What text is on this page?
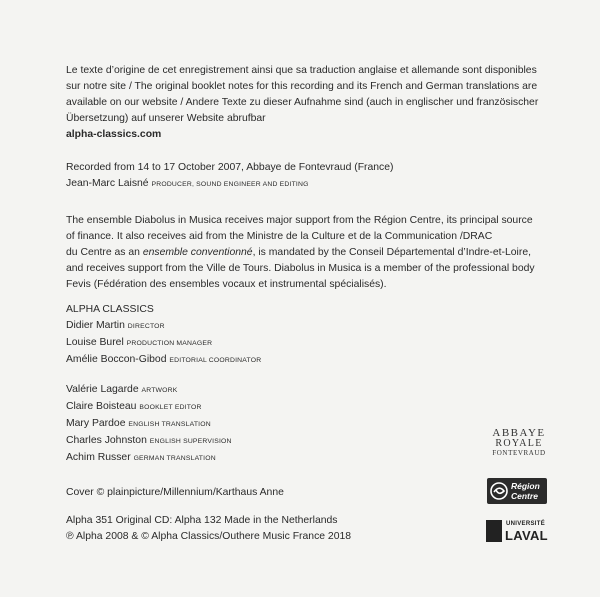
Le texte d’origine de cet enregistrement ainsi que sa traduction anglaise et allemande sont disponibles
sur notre site / The original booklet notes for this recording and its French and German translations are
available on our website / Andere Texte zu dieser Aufnahme sind (auch in englischer und französischer
Übersetzung) auf unserer Website abrufbar
alpha-classics.com
Recorded from 14 to 17 October 2007, Abbaye de Fontevraud (France)
Jean-Marc Laisné PRODUCER, SOUND ENGINEER AND EDITING
The ensemble Diabolus in Musica receives major support from the Région Centre, its principal source
of finance. It also receives aid from the Ministre de la Culture et de la Communication /DRAC
du Centre as an ensemble conventionné, is mandated by the Conseil Départemental d’Indre-et-Loire,
and receives support from the Ville de Tours. Diabolus in Musica is a member of the professional body
Fevis (Fédération des ensembles vocaux et instrumental spécialisés).
ALPHA CLASSICS
Didier Martin DIRECTOR
Louise Burel PRODUCTION MANAGER
Amélie Boccon-Gibod EDITORIAL COORDINATOR
Valérie Lagarde ARTWORK
Claire Boisteau BOOKLET EDITOR
Mary Pardoe ENGLISH TRANSLATION
Charles Johnston ENGLISH SUPERVISION
Achim Russer GERMAN TRANSLATION
Cover © plainpicture/Millennium/Karthaus Anne
Alpha 351 Original CD: Alpha 132 Made in the Netherlands
℗ Alpha 2008 & © Alpha Classics/Outhere Music France 2018
ABBAYE
ROYALE
FONTEVRAUD
Région
Centre
UNIVERSITÉ
LAVAL
